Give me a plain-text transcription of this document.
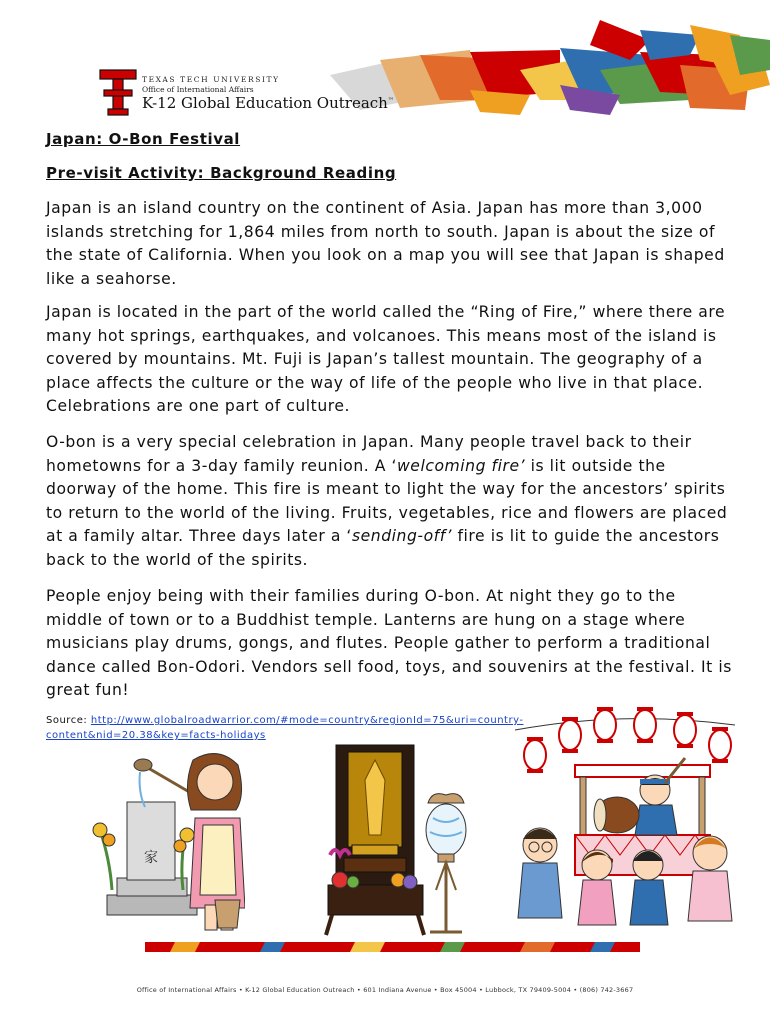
TEXAS TECH UNIVERSITY
Office of International Affairs
K-12 Global Education Outreach™
Japan: O-Bon Festival
Pre-visit Activity: Background Reading

Japan is an island country on the continent of Asia. Japan has more than 3,000 islands stretching for 1,864 miles from north to south. Japan is about the size of the state of California. When you look on a map you will see that Japan is shaped like a seahorse.

Japan is located in the part of the world called the “Ring of Fire,” where there are many hot springs, earthquakes, and volcanoes. This means most of the island is covered by mountains. Mt. Fuji is Japan’s tallest mountain. The geography of a place affects the culture or the way of life of the people who live in that place. Celebrations are one part of culture.

O-bon is a very special celebration in Japan. Many people travel back to their hometowns for a 3-day family reunion. A ‘welcoming fire’ is lit outside the doorway of the home. This fire is meant to light the way for the ancestors’ spirits to return to the world of the living. Fruits, vegetables, rice and flowers are placed at a family altar. Three days later a ‘sending-off’ fire is lit to guide the ancestors back to the world of the spirits.

People enjoy being with their families during O-bon. At night they go to the middle of town or to a Buddhist temple. Lanterns are hung on a stage where musicians play drums, gongs, and flutes. People gather to perform a traditional dance called Bon-Odori. Vendors sell food, toys, and souvenirs at the festival. It is great fun!

Source: http://www.globalroadwarrior.com/#mode=country&regionId=75&uri=country-content&nid=20.38&key=facts-holidays
家
Office of International Affairs • K-12 Global Education Outreach • 601 Indiana Avenue • Box 45004 • Lubbock, TX 79409-5004 • (806) 742-3667
